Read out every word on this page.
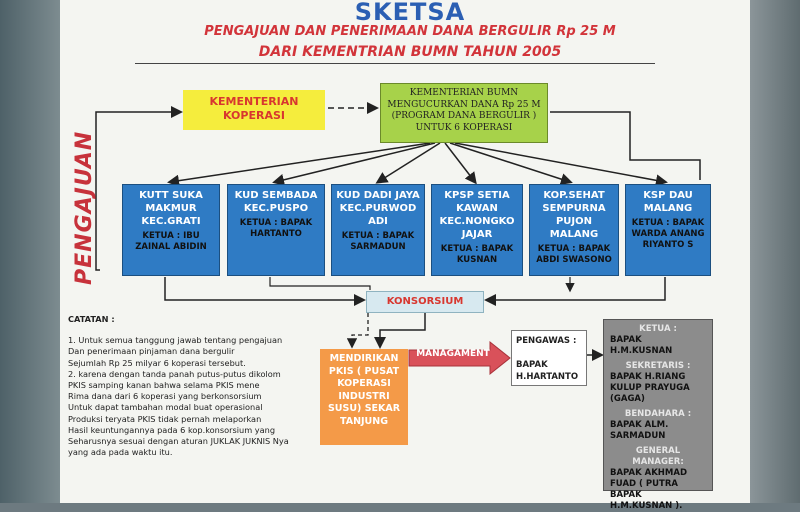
SKETSA
PENGAJUAN DAN PENERIMAAN DANA BERGULIR Rp 25 M
DARI KEMENTRIAN BUMN TAHUN 2005
PENGAJUAN
KEMENTERIAN
KOPERASI
KEMENTERIAN BUMN
MENGUCURKAN DANA Rp 25 M
(PROGRAM DANA BERGULIR )
UNTUK 6 KOPERASI
KUTT SUKA MAKMUR KEC.GRATI
KETUA : IBU ZAINAL ABIDIN
KUD SEMBADA KEC.PUSPO
KETUA : BAPAK HARTANTO
KUD DADI JAYA KEC.PURWOD ADI
KETUA : BAPAK SARMADUN
KPSP SETIA KAWAN KEC.NONGKO JAJAR
KETUA : BAPAK KUSNAN
KOP.SEHAT SEMPURNA PUJON MALANG
KETUA : BAPAK ABDI SWASONO
KSP DAU MALANG
KETUA : BAPAK WARDA ANANG RIYANTO S
KONSORSIUM
MENDIRIKAN PKIS ( PUSAT KOPERASI INDUSTRI SUSU) SEKAR TANJUNG
MANAGAMENT
PENGAWAS :

BAPAK H.HARTANTO
KETUA :
BAPAK H.M.KUSNAN
SEKRETARIS :
BAPAK H.RIANG KULUP PRAYUGA (GAGA)
BENDAHARA :
BAPAK ALM. SARMADUN
GENERAL MANAGER:
BAPAK AKHMAD FUAD ( PUTRA BAPAK H.M.KUSNAN ).
CATATAN :

1. Untuk semua tanggung jawab tentang pengajuan

Dan penerimaan pinjaman dana bergulir

Sejumlah Rp 25 milyar 6 koperasi tersebut.

2. karena dengan tanda panah putus-putus dikolom

PKIS samping kanan bahwa selama PKIS mene

Rima dana dari 6 koperasi yang berkonsorsium

Untuk dapat tambahan modal buat operasional

Produksi teryata PKIS tidak pernah melaporkan

Hasil keuntungannya pada 6 kop.konsorsium yang

Seharusnya sesuai dengan aturan JUKLAK JUKNIS Nya

yang ada pada waktu itu.
